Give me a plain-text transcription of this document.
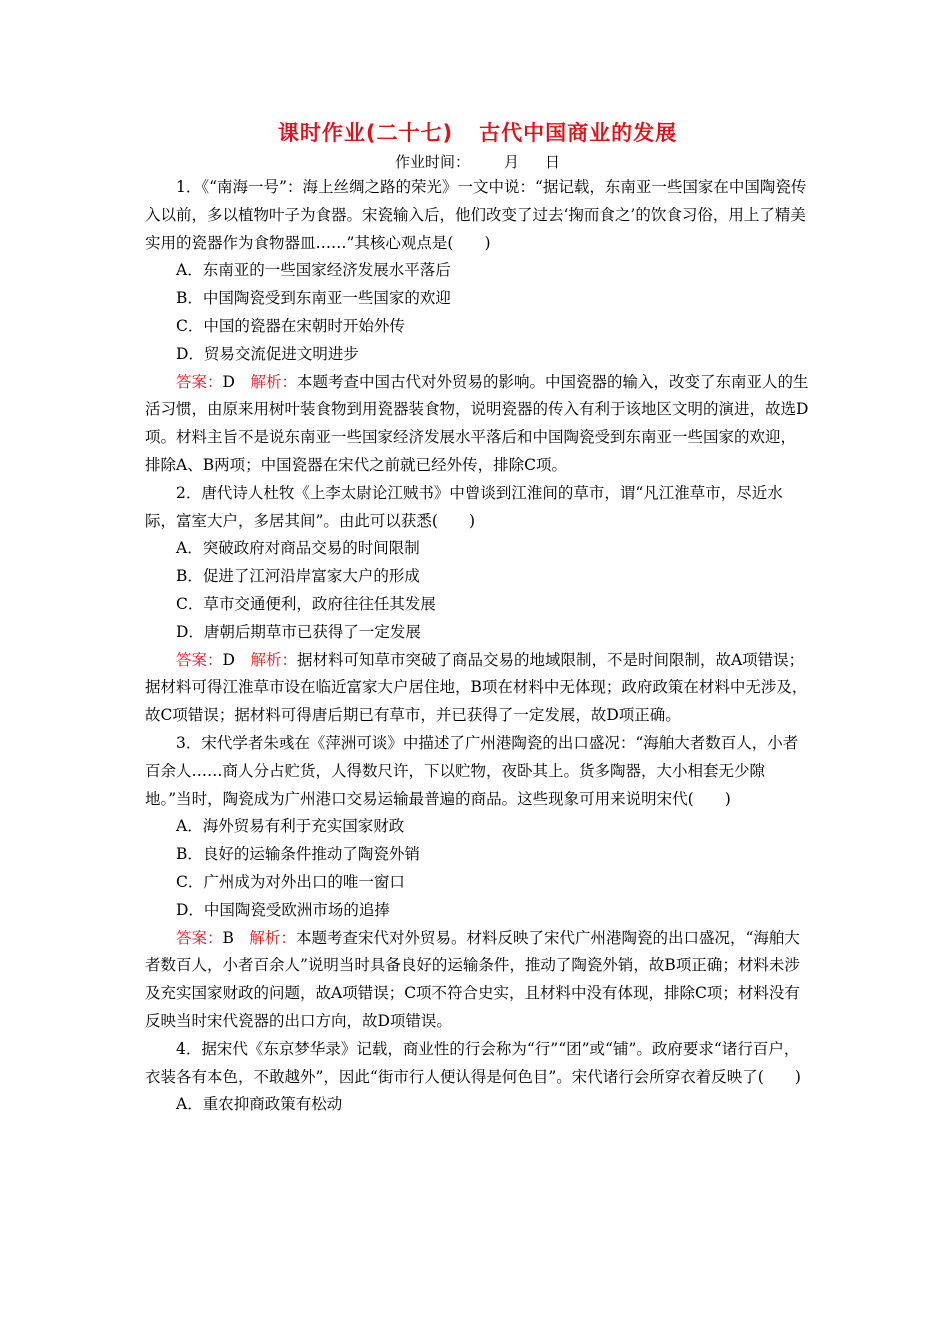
课时作业(二十七) 古代中国商业的发展
作业时间： 月 日

1．《“南海一号”：海上丝绸之路的荣光》一文中说：“据记载，东南亚一些国家在中国陶瓷传入以前，多以植物叶子为食器。宋瓷输入后，他们改变了过去‘掬而食之’的饮食习俗，用上了精美实用的瓷器作为食物器皿……”其核心观点是(　　)

A．东南亚的一些国家经济发展水平落后

B．中国陶瓷受到东南亚一些国家的欢迎

C．中国的瓷器在宋朝时开始外传

D．贸易交流促进文明进步

答案：D　 解析：本题考查中国古代对外贸易的影响。中国瓷器的输入，改变了东南亚人的生活习惯，由原来用树叶装食物到用瓷器装食物，说明瓷器的传入有利于该地区文明的演进，故选D项。材料主旨不是说东南亚一些国家经济发展水平落后和中国陶瓷受到东南亚一些国家的欢迎，排除A、B两项；中国瓷器在宋代之前就已经外传，排除C项。

2．唐代诗人杜牧《上李太尉论江贼书》中曾谈到江淮间的草市，谓“凡江淮草市，尽近水际，富室大户，多居其间”。由此可以获悉(　　)

A．突破政府对商品交易的时间限制

B．促进了江河沿岸富家大户的形成

C．草市交通便利，政府往往任其发展

D．唐朝后期草市已获得了一定发展

答案：D　 解析：据材料可知草市突破了商品交易的地域限制，不是时间限制，故A项错误；据材料可得江淮草市设在临近富家大户居住地，B项在材料中无体现；政府政策在材料中无涉及，故C项错误；据材料可得唐后期已有草市，并已获得了一定发展，故D项正确。

3．宋代学者朱彧在《萍洲可谈》中描述了广州港陶瓷的出口盛况：“海舶大者数百人，小者百余人……商人分占贮货，人得数尺许，下以贮物，夜卧其上。货多陶器，大小相套无少隙地。”当时，陶瓷成为广州港口交易运输最普遍的商品。这些现象可用来说明宋代(　　)

A．海外贸易有利于充实国家财政

B．良好的运输条件推动了陶瓷外销

C．广州成为对外出口的唯一窗口

D．中国陶瓷受欧洲市场的追捧

答案：B　 解析：本题考查宋代对外贸易。材料反映了宋代广州港陶瓷的出口盛况，“海舶大者数百人，小者百余人”说明当时具备良好的运输条件，推动了陶瓷外销，故B项正确；材料未涉及充实国家财政的问题，故A项错误；C项不符合史实，且材料中没有体现，排除C项；材料没有反映当时宋代瓷器的出口方向，故D项错误。

4．据宋代《东京梦华录》记载，商业性的行会称为“行”“团”或“铺”。政府要求“诸行百户，衣装各有本色，不敢越外”，因此“街市行人便认得是何色目”。宋代诸行会所穿衣着反映了(　　)

A．重农抑商政策有松动
